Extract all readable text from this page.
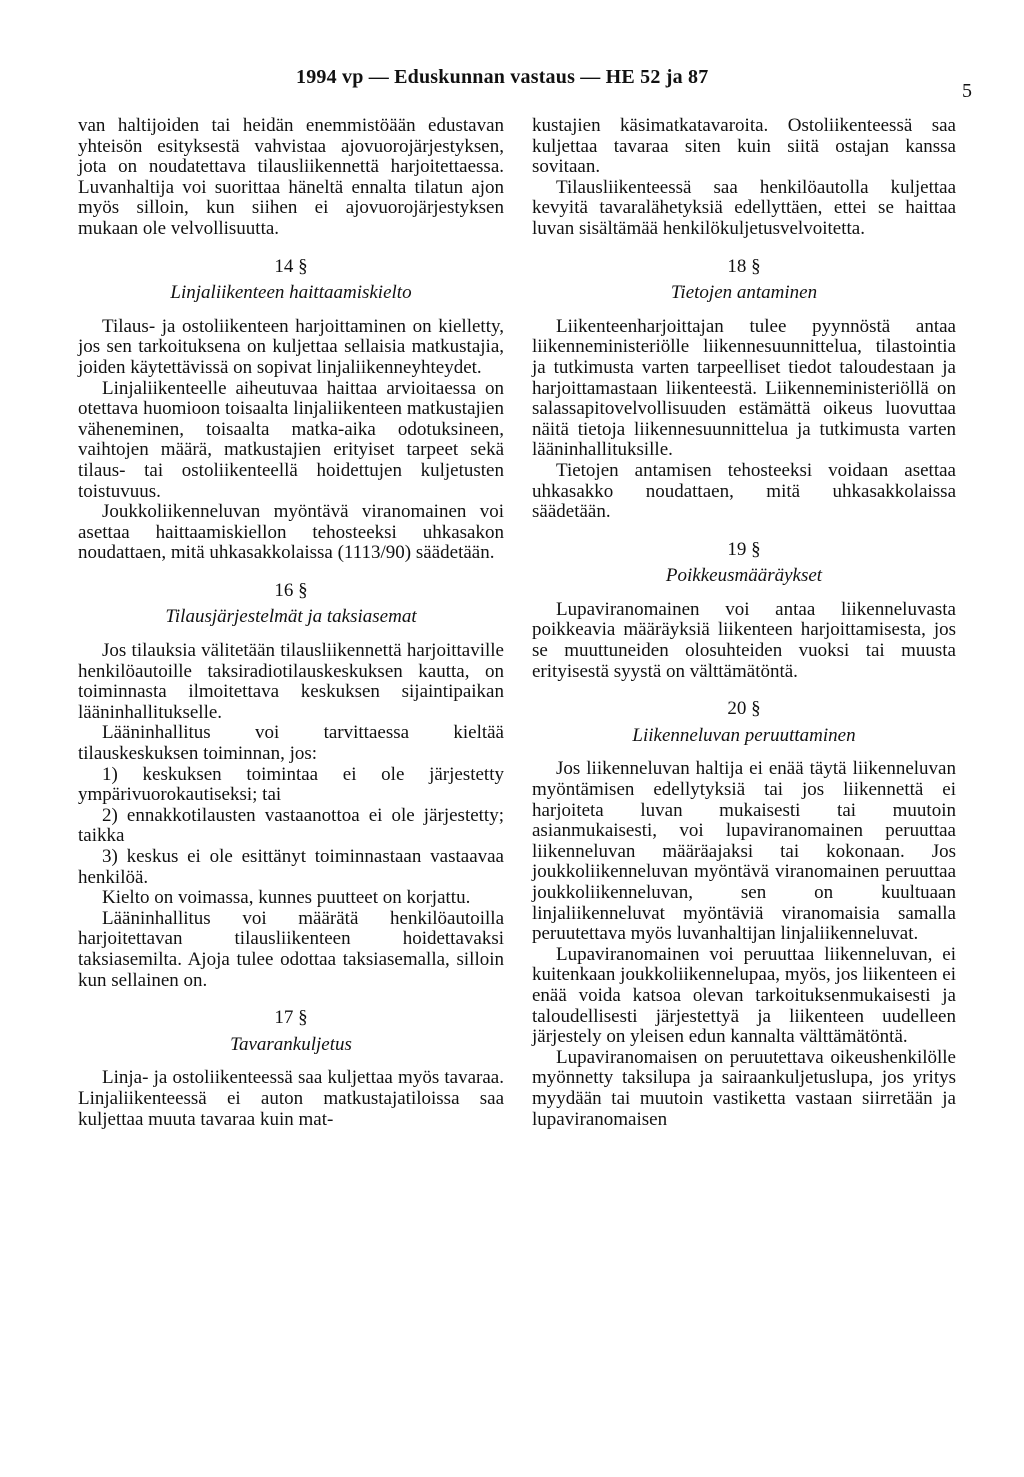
1994 vp — Eduskunnan vastaus — HE 52 ja 87
5

van haltijoiden tai heidän enemmistöään edustavan yhteisön esityksestä vahvistaa ajovuorojärjestyksen, jota on noudatettava tilausliikennettä harjoitettaessa. Luvanhaltija voi suorittaa häneltä ennalta tilatun ajon myös silloin, kun siihen ei ajovuorojärjestyksen mukaan ole velvollisuutta.

14 §
Linjaliikenteen haittaamiskielto

Tilaus- ja ostoliikenteen harjoittaminen on kielletty, jos sen tarkoituksena on kuljettaa sellaisia matkustajia, joiden käytettävissä on sopivat linjaliikenneyhteydet.

Linjaliikenteelle aiheutuvaa haittaa arvioitaessa on otettava huomioon toisaalta linjaliikenteen matkustajien väheneminen, toisaalta matka-aika odotuksineen, vaihtojen määrä, matkustajien erityiset tarpeet sekä tilaus- tai ostoliikenteellä hoidettujen kuljetusten toistuvuus.

Joukkoliikenneluvan myöntävä viranomainen voi asettaa haittaamiskiellon tehosteeksi uhkasakon noudattaen, mitä uhkasakkolaissa (1113/90) säädetään.

16 §
Tilausjärjestelmät ja taksiasemat

Jos tilauksia välitetään tilausliikennettä harjoittaville henkilöautoille taksiradiotilauskeskuksen kautta, on toiminnasta ilmoitettava keskuksen sijaintipaikan lääninhallitukselle.

Lääninhallitus voi tarvittaessa kieltää tilauskeskuksen toiminnan, jos:

1) keskuksen toimintaa ei ole järjestetty ympärivuorokautiseksi; tai

2) ennakkotilausten vastaanottoa ei ole järjestetty; taikka

3) keskus ei ole esittänyt toiminnastaan vastaavaa henkilöä.

Kielto on voimassa, kunnes puutteet on korjattu.

Lääninhallitus voi määrätä henkilöautoilla harjoitettavan tilausliikenteen hoidettavaksi taksiasemilta. Ajoja tulee odottaa taksiasemalla, silloin kun sellainen on.

17 §
Tavarankuljetus

Linja- ja ostoliikenteessä saa kuljettaa myös tavaraa. Linjaliikenteessä ei auton matkustajatiloissa saa kuljettaa muuta tavaraa kuin mat-

kustajien käsimatkatavaroita. Ostoliikenteessä saa kuljettaa tavaraa siten kuin siitä ostajan kanssa sovitaan.

Tilausliikenteessä saa henkilöautolla kuljettaa kevyitä tavaralähetyksiä edellyttäen, ettei se haittaa luvan sisältämää henkilökuljetusvelvoitetta.

18 §
Tietojen antaminen

Liikenteenharjoittajan tulee pyynnöstä antaa liikenneministeriölle liikennesuunnittelua, tilastointia ja tutkimusta varten tarpeelliset tiedot taloudestaan ja harjoittamastaan liikenteestä. Liikenneministeriöllä on salassapitovelvollisuuden estämättä oikeus luovuttaa näitä tietoja liikennesuunnittelua ja tutkimusta varten lääninhallituksille.

Tietojen antamisen tehosteeksi voidaan asettaa uhkasakko noudattaen, mitä uhkasakkolaissa säädetään.

19 §
Poikkeusmääräykset

Lupaviranomainen voi antaa liikenneluvasta poikkeavia määräyksiä liikenteen harjoittamisesta, jos se muuttuneiden olosuhteiden vuoksi tai muusta erityisestä syystä on välttämätöntä.

20 §
Liikenneluvan peruuttaminen

Jos liikenneluvan haltija ei enää täytä liikenneluvan myöntämisen edellytyksiä tai jos liikennettä ei harjoiteta luvan mukaisesti tai muutoin asianmukaisesti, voi lupaviranomainen peruuttaa liikenneluvan määräajaksi tai kokonaan. Jos joukkoliikenneluvan myöntävä viranomainen peruuttaa joukkoliikenneluvan, sen on kuultuaan linjaliikenneluvat myöntäviä viranomaisia samalla peruutettava myös luvanhaltijan linjaliikenneluvat.

Lupaviranomainen voi peruuttaa liikenneluvan, ei kuitenkaan joukkoliikennelupaa, myös, jos liikenteen ei enää voida katsoa olevan tarkoituksenmukaisesti ja taloudellisesti järjestettyä ja liikenteen uudelleen järjestely on yleisen edun kannalta välttämätöntä.

Lupaviranomaisen on peruutettava oikeushenkilölle myönnetty taksilupa ja sairaankuljetuslupa, jos yritys myydään tai muutoin vastiketta vastaan siirretään ja lupaviranomaisen
